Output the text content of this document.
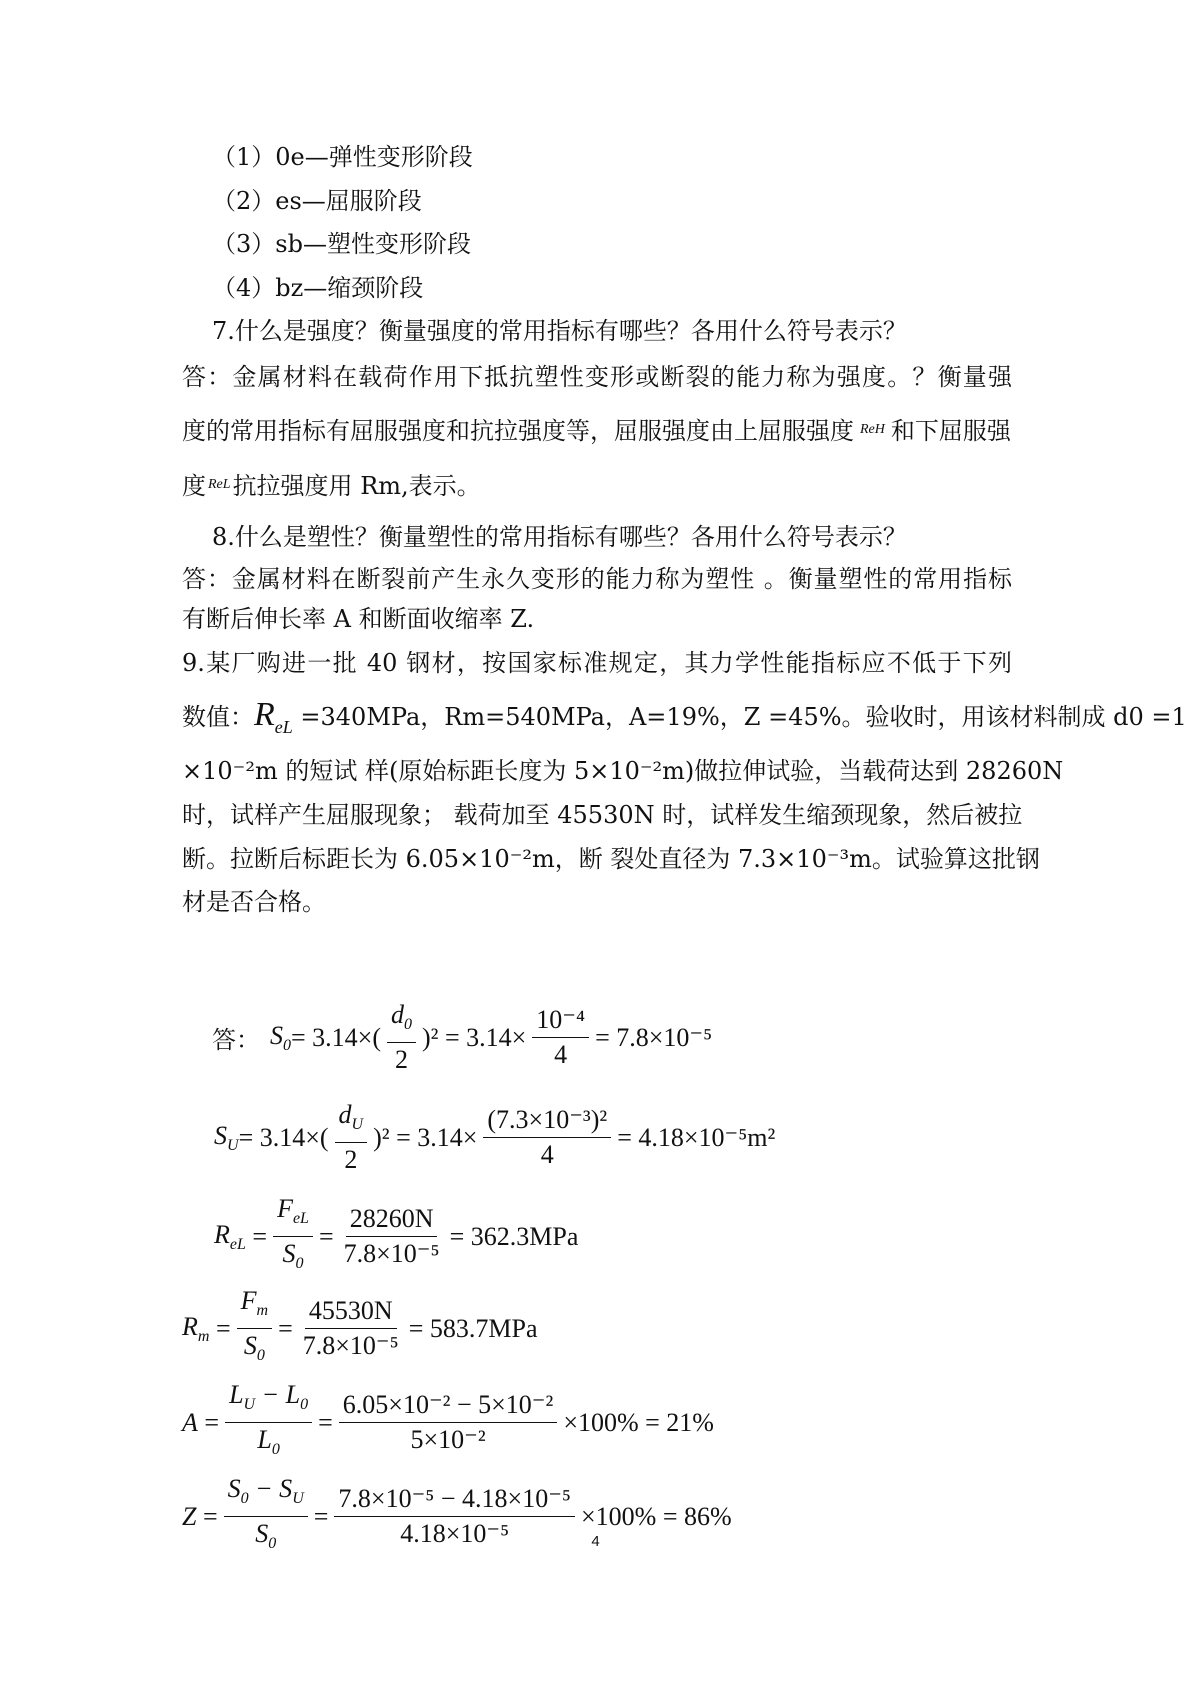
（1）0e—弹性变形阶段
（2）es—屈服阶段
（3）sb—塑性变形阶段
（4）bz—缩颈阶段
7.什么是强度？衡量强度的常用指标有哪些？各用什么符号表示？
答：金属材料在载荷作用下抵抗塑性变形或断裂的能力称为强度。？衡量强
度的常用指标有屈服强度和抗拉强度等，屈服强度由上屈服强度 $^{ReH}$ 和下屈服强
度 $^{ReL}$抗拉强度用 Rm,表示。
8.什么是塑性？衡量塑性的常用指标有哪些？各用什么符号表示？
答：金属材料在断裂前产生永久变形的能力称为塑性 。衡量塑性的常用指标
有断后伸长率 A 和断面收缩率 Z.
9.某厂购进一批 40 钢材，按国家标准规定，其力学性能指标应不低于下列
数值：$R_{eL} =340MPa$，Rm=540MPa，A=19%，Z =45%。验收时，用该材料制成 d0 =1
×10⁻²m 的短试 样(原始标距长度为 5×10⁻²m)做拉伸试验，当载荷达到 28260N
时，试样产生屈服现象； 载荷加至 45530N 时，试样发生缩颈现象，然后被拉
断。拉断后标距长为 6.05×10⁻²m，断 裂处直径为 7.3×10⁻³m。试验算这批钢
材是否合格。
答： $S_0 = 3.14\times( \frac{d_0}{2} )^2 = 3.14\times \frac{\text{10⁻⁴}}{4} = 7.8\times 10^{-5}$
$S_U = 3.14\times( \frac{d_U}{2} )^2 = 3.14\times \frac{\text{(7.3×10⁻³)²}}{4} = 4.18\times 10^{-5}m^2$
$R_{eL} = \frac{F_{eL}}{S_0} = \frac{28260N}{\text{7.8×10⁻⁵}} = 362.3MPa$
$R_m = \frac{F_m}{S_0} = \frac{45530N}{\text{7.8×10⁻⁵}} = 583.7MPa$
$A = \frac{L_U - L_0}{L_0} = \frac{\text{6.05×10⁻² − 5×10⁻²}}{\text{5×10⁻²}} \times 100\% = 21\%$
$Z = \frac{S_0 - S_U}{S_0} = \frac{\text{7.8×10⁻⁵ − 4.18×10⁻⁵}}{\text{4.18×10⁻⁵}} \times 100\% = 86\%$
4
